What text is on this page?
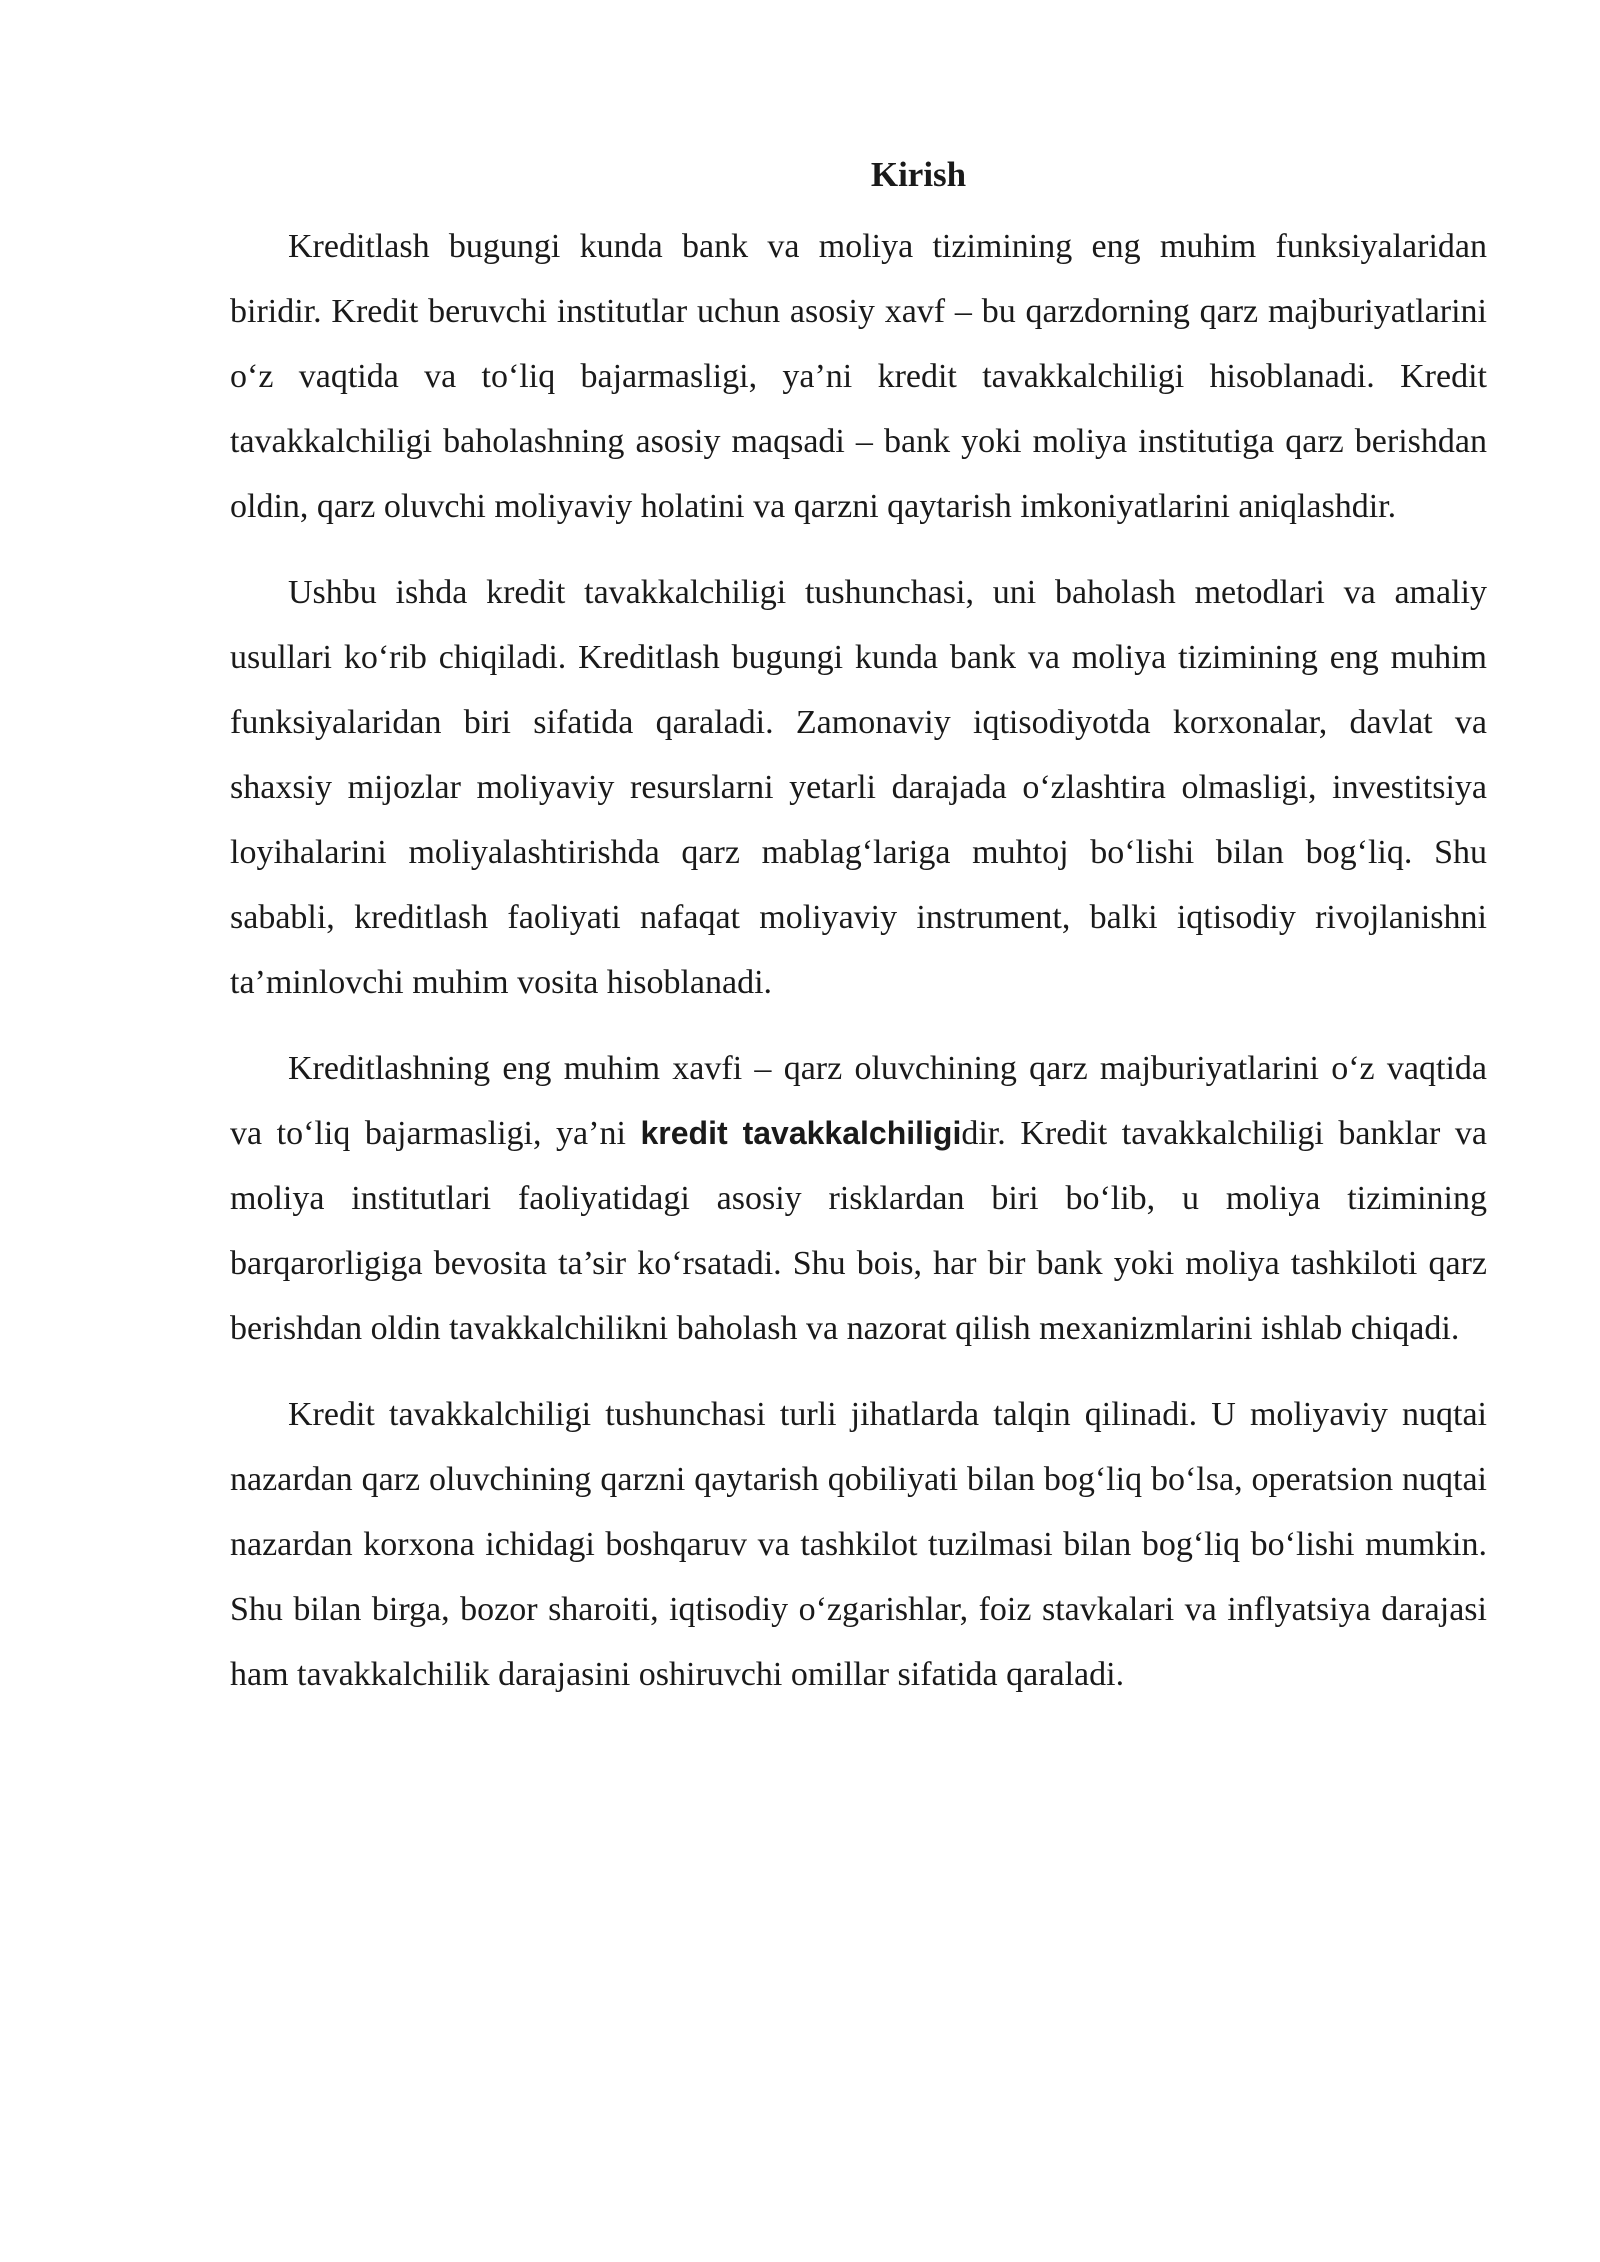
Kirish

Kreditlash bugungi kunda bank va moliya tizimining eng muhim funksiyalaridan biridir. Kredit beruvchi institutlar uchun asosiy xavf – bu qarzdorning qarz majburiyatlarini o‘z vaqtida va to‘liq bajarmasligi, ya’ni kredit tavakkalchiligi hisoblanadi. Kredit tavakkalchiligi baholashning asosiy maqsadi – bank yoki moliya institutiga qarz berishdan oldin, qarz oluvchi moliyaviy holatini va qarzni qaytarish imkoniyatlarini aniqlashdir.

Ushbu ishda kredit tavakkalchiligi tushunchasi, uni baholash metodlari va amaliy usullari ko‘rib chiqiladi. Kreditlash bugungi kunda bank va moliya tizimining eng muhim funksiyalaridan biri sifatida qaraladi. Zamonaviy iqtisodiyotda korxonalar, davlat va shaxsiy mijozlar moliyaviy resurslarni yetarli darajada o‘zlashtira olmasligi, investitsiya loyihalarini moliyalashtirishda qarz mablag‘lariga muhtoj bo‘lishi bilan bog‘liq. Shu sababli, kreditlash faoliyati nafaqat moliyaviy instrument, balki iqtisodiy rivojlanishni ta’minlovchi muhim vosita hisoblanadi.

Kreditlashning eng muhim xavfi – qarz oluvchining qarz majburiyatlarini o‘z vaqtida va to‘liq bajarmasligi, ya’ni kredit tavakkalchiligidir. Kredit tavakkalchiligi banklar va moliya institutlari faoliyatidagi asosiy risklardan biri bo‘lib, u moliya tizimining barqarorligiga bevosita ta’sir ko‘rsatadi. Shu bois, har bir bank yoki moliya tashkiloti qarz berishdan oldin tavakkalchilikni baholash va nazorat qilish mexanizmlarini ishlab chiqadi.

Kredit tavakkalchiligi tushunchasi turli jihatlarda talqin qilinadi. U moliyaviy nuqtai nazardan qarz oluvchining qarzni qaytarish qobiliyati bilan bog‘liq bo‘lsa, operatsion nuqtai nazardan korxona ichidagi boshqaruv va tashkilot tuzilmasi bilan bog‘liq bo‘lishi mumkin. Shu bilan birga, bozor sharoiti, iqtisodiy o‘zgarishlar, foiz stavkalari va inflyatsiya darajasi ham tavakkalchilik darajasini oshiruvchi omillar sifatida qaraladi.
